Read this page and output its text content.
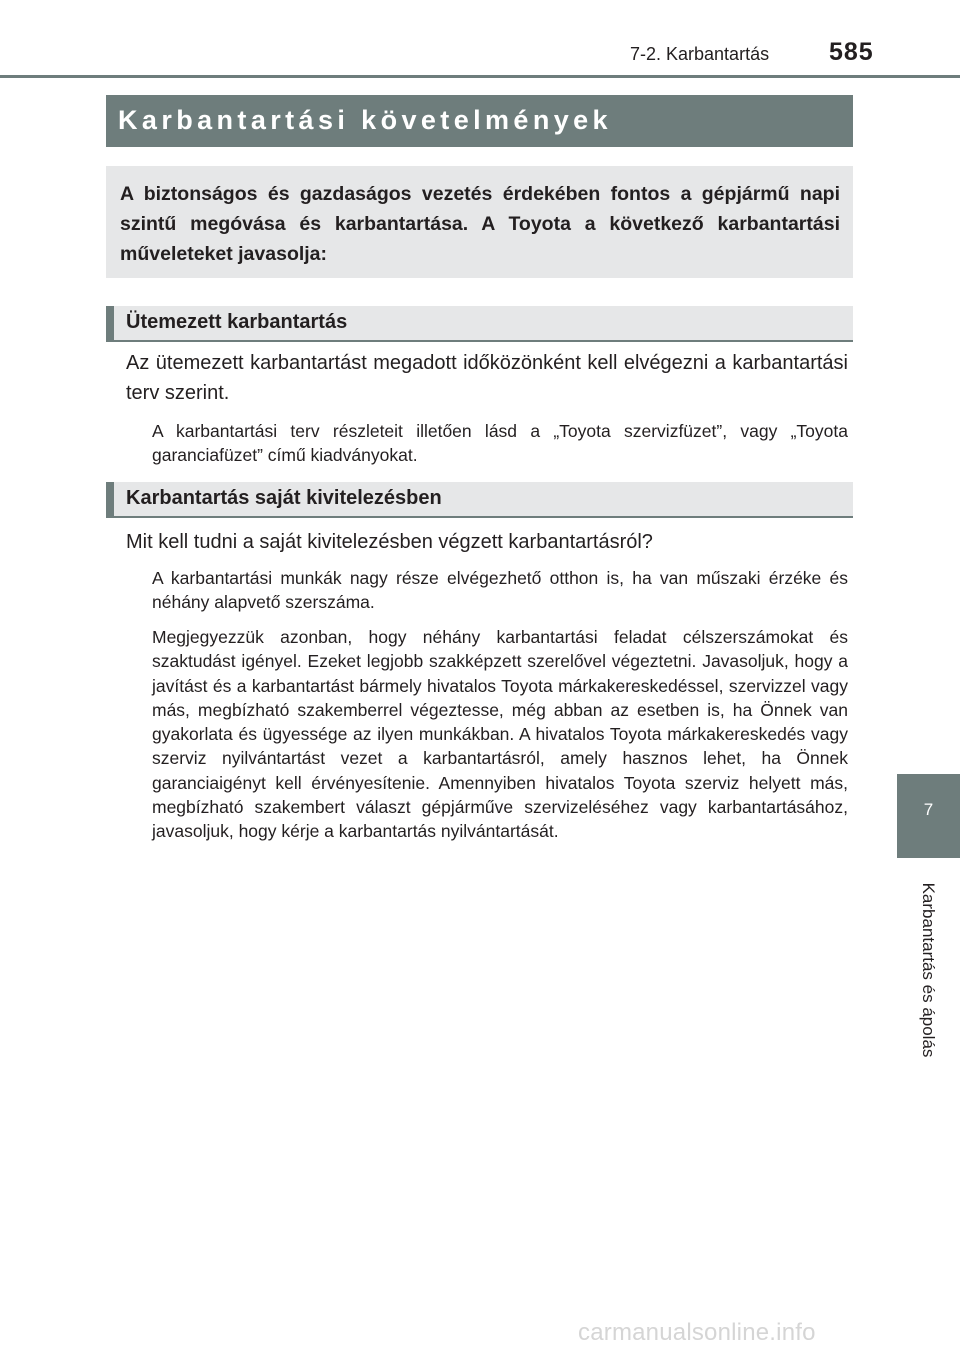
7-2. Karbantartás 585
Karbantartási követelmények
A biztonságos és gazdaságos vezetés érdekében fontos a gépjármű napi szintű megóvása és karbantartása. A Toyota a következő karbantartási műveleteket javasolja:
Ütemezett karbantartás
Az ütemezett karbantartást megadott időközönként kell elvégezni a karbantartási terv szerint.
A karbantartási terv részleteit illetően lásd a „Toyota szervizfüzet”, vagy „Toyota garanciafüzet” című kiadványokat.
Karbantartás saját kivitelezésben
Mit kell tudni a saját kivitelezésben végzett karbantartásról?
A karbantartási munkák nagy része elvégezhető otthon is, ha van műszaki érzéke és néhány alapvető szerszáma.
Megjegyezzük azonban, hogy néhány karbantartási feladat célszerszámokat és szaktudást igényel. Ezeket legjobb szakképzett szerelővel végeztetni. Javasoljuk, hogy a javítást és a karbantartást bármely hivatalos Toyota márkakereskedéssel, szervizzel vagy más, megbízható szakemberrel végeztesse, még abban az esetben is, ha Önnek van gyakorlata és ügyessége az ilyen munkákban. A hivatalos Toyota márkakereskedés vagy szerviz nyilvántartást vezet a karbantartásról, amely hasznos lehet, ha Önnek garanciaigényt kell érvényesítenie. Amennyiben hivatalos Toyota szerviz helyett más, megbízható szakembert választ gépjárműve szervizeléséhez vagy karbantartásához, javasoljuk, hogy kérje a karbantartás nyilvántartását.
7
Karbantartás és ápolás
carmanualsonline.info
